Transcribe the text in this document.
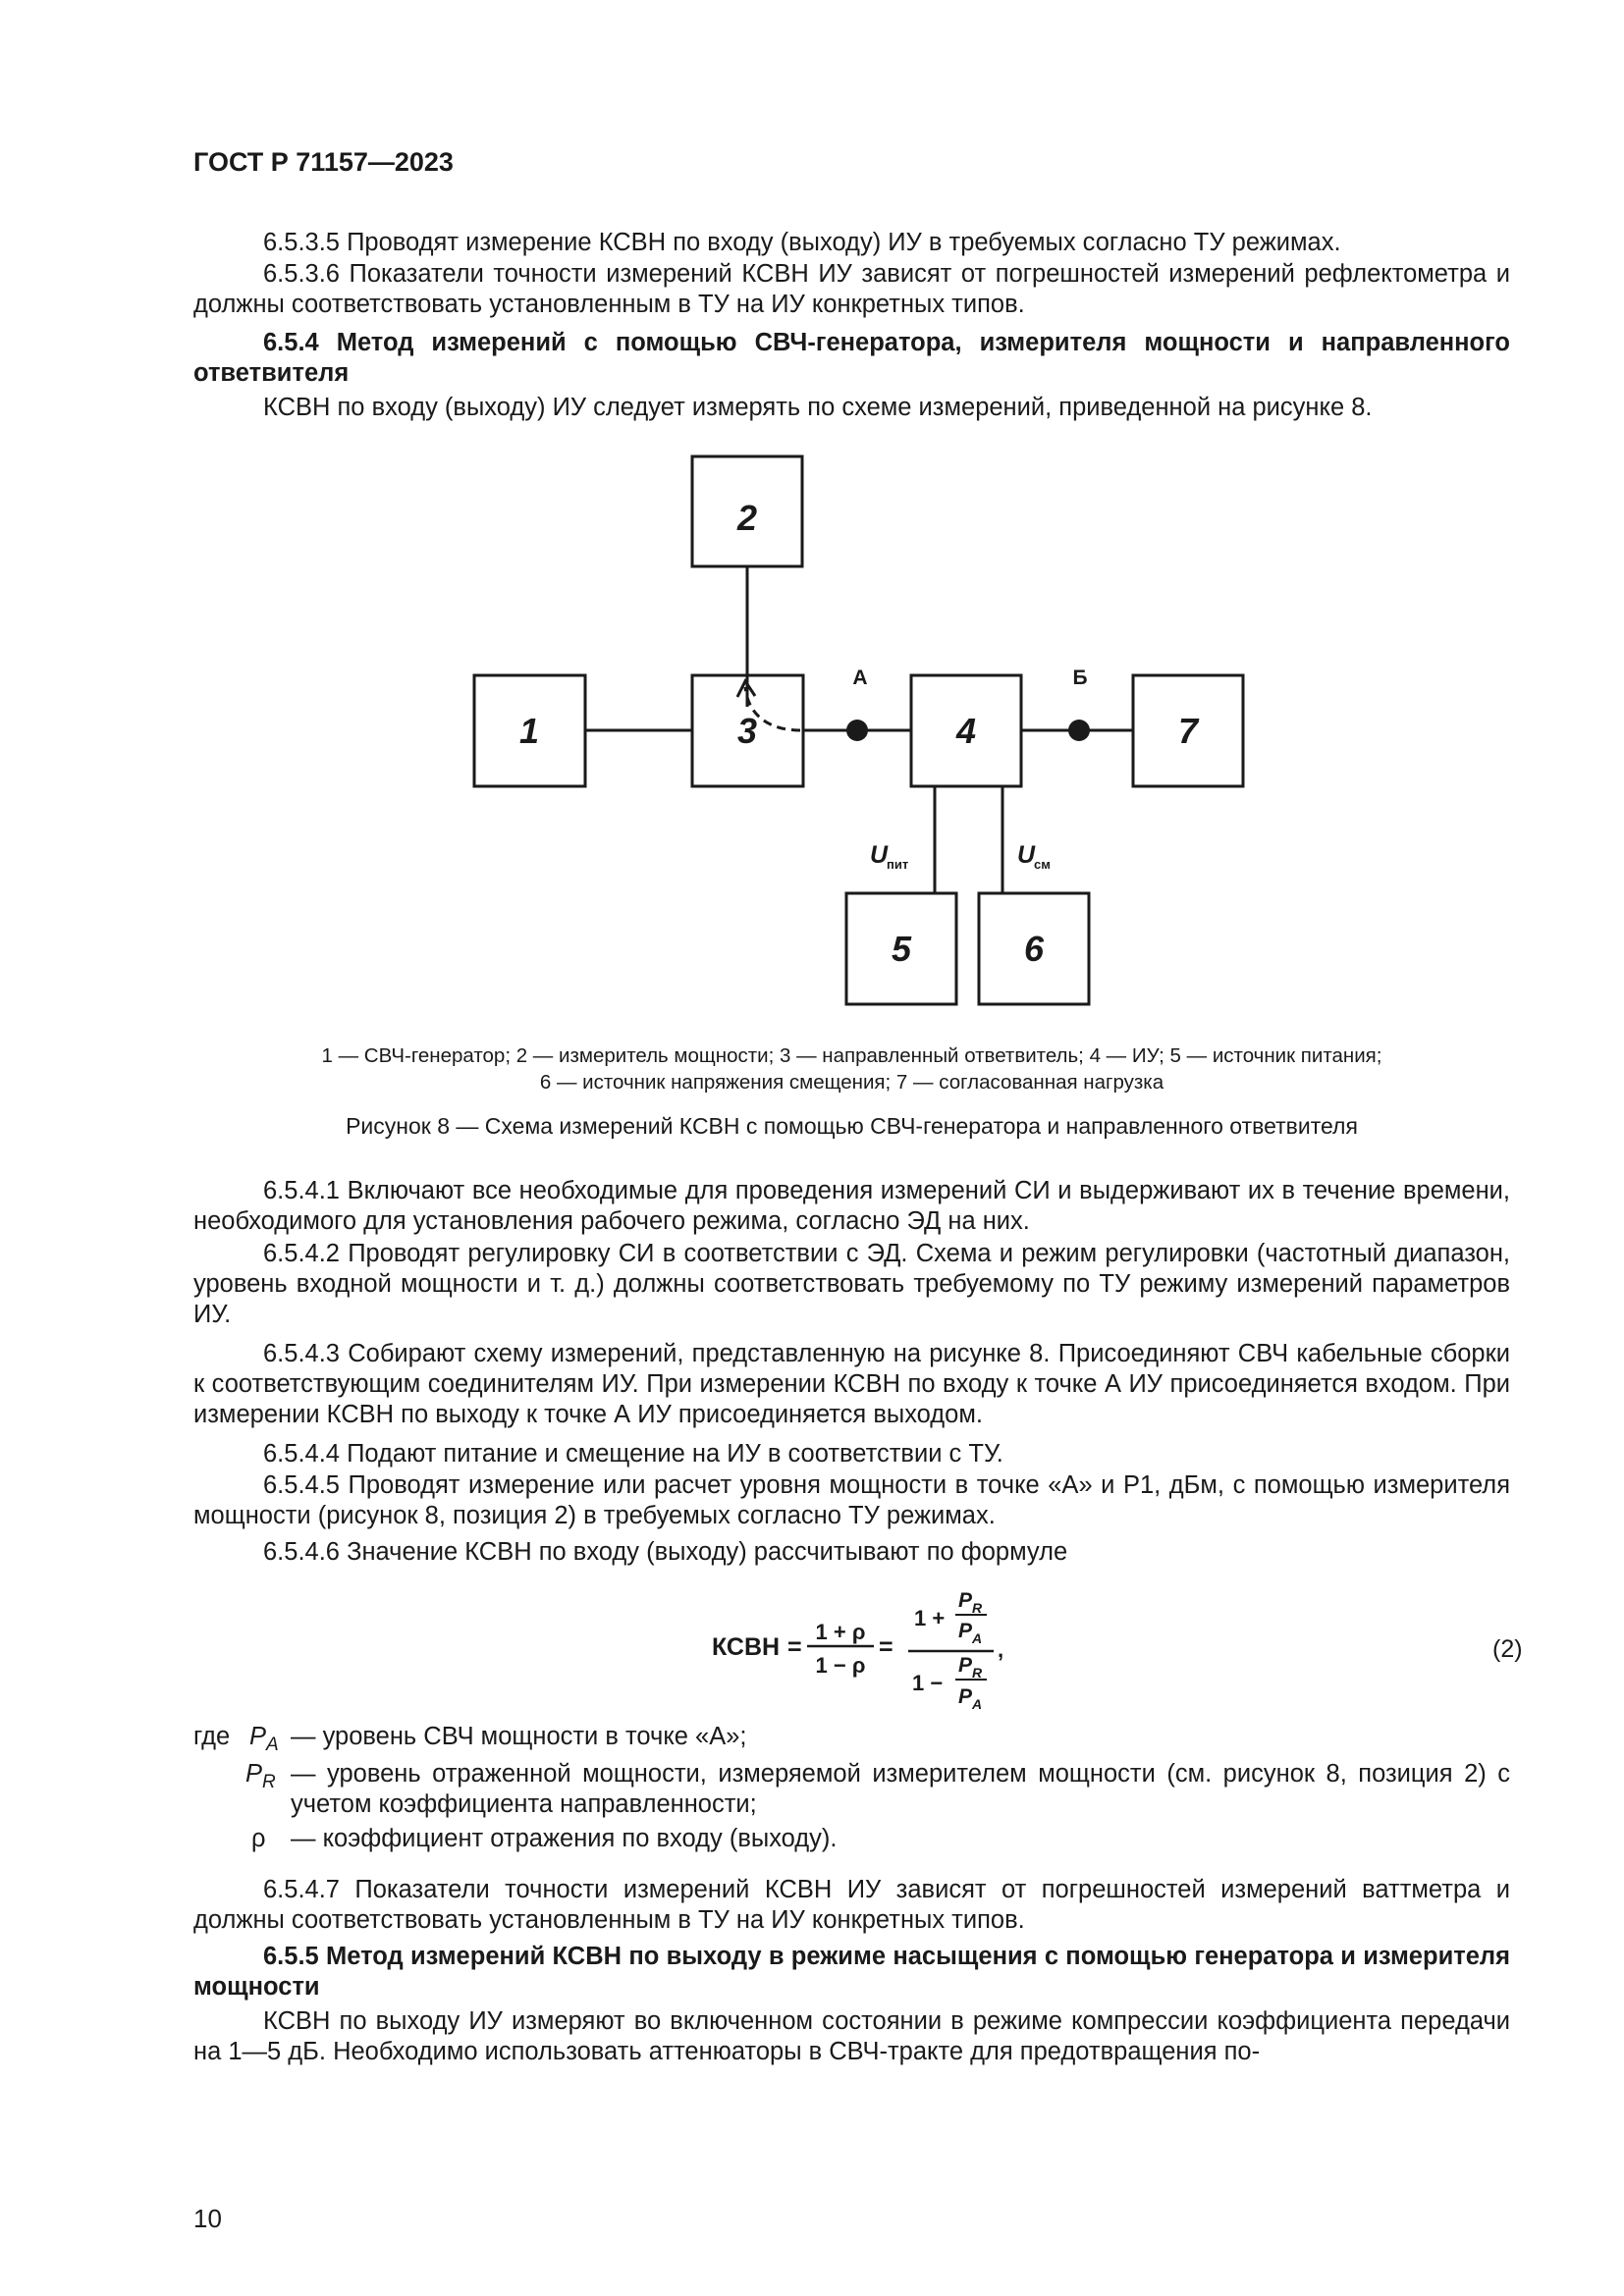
ГОСТ Р 71157—2023
6.5.3.5 Проводят измерение КСВН по входу (выходу) ИУ в требуемых согласно ТУ режимах.
6.5.3.6 Показатели точности измерений КСВН ИУ зависят от погрешностей измерений рефлектометра и должны соответствовать установленным в ТУ на ИУ конкретных типов.
6.5.4 Метод измерений с помощью СВЧ-генератора, измерителя мощности и направленного ответвителя
КСВН по входу (выходу) ИУ следует измерять по схеме измерений, приведенной на рисунке 8.
2
1	3	4	7
5	6
А	Б
U
пит	U
см
1 — СВЧ-генератор; 2 — измеритель мощности; 3 — направленный ответвитель; 4 — ИУ; 5 — источник питания;
6 — источник напряжения смещения; 7 — согласованная нагрузка
Рисунок 8 — Схема измерений КСВН с помощью СВЧ-генератора и направленного ответвителя
6.5.4.1 Включают все необходимые для проведения измерений СИ и выдерживают их в течение времени, необходимого для установления рабочего режима, согласно ЭД на них.
6.5.4.2 Проводят регулировку СИ в соответствии с ЭД. Схема и режим регулировки (частотный диапазон, уровень входной мощности и т. д.) должны соответствовать требуемому по ТУ режиму измерений параметров ИУ.
6.5.4.3 Собирают схему измерений, представленную на рисунке 8. Присоединяют СВЧ кабельные сборки к соответствующим соединителям ИУ. При измерении КСВН по входу к точке А ИУ присоединяется входом. При измерении КСВН по выходу к точке А ИУ присоединяется выходом.
6.5.4.4 Подают питание и смещение на ИУ в соответствии с ТУ.
6.5.4.5 Проводят измерение или расчет уровня мощности в точке «А» и P1, дБм, с помощью измерителя мощности (рисунок 8, позиция 2) в требуемых согласно ТУ режимах.
6.5.4.6 Значение КСВН по входу (выходу) рассчитывают по формуле
КСВН =
1 + ρ
1 − ρ
=
1 +
P R
P A ,
1 −
P R
P A
(2)
где $P_A$ — уровень СВЧ мощности в точке «А»;
$P_R$ — уровень отраженной мощности, измеряемой измерителем мощности (см. рисунок 8, позиция 2) с учетом коэффициента направленности;
ρ — коэффициент отражения по входу (выходу).
6.5.4.7 Показатели точности измерений КСВН ИУ зависят от погрешностей измерений ваттметра и должны соответствовать установленным в ТУ на ИУ конкретных типов.
6.5.5 Метод измерений КСВН по выходу в режиме насыщения с помощью генератора и измерителя мощности
КСВН по выходу ИУ измеряют во включенном состоянии в режиме компрессии коэффициента передачи на 1—5 дБ. Необходимо использовать аттенюаторы в СВЧ-тракте для предотвращения по-
10
